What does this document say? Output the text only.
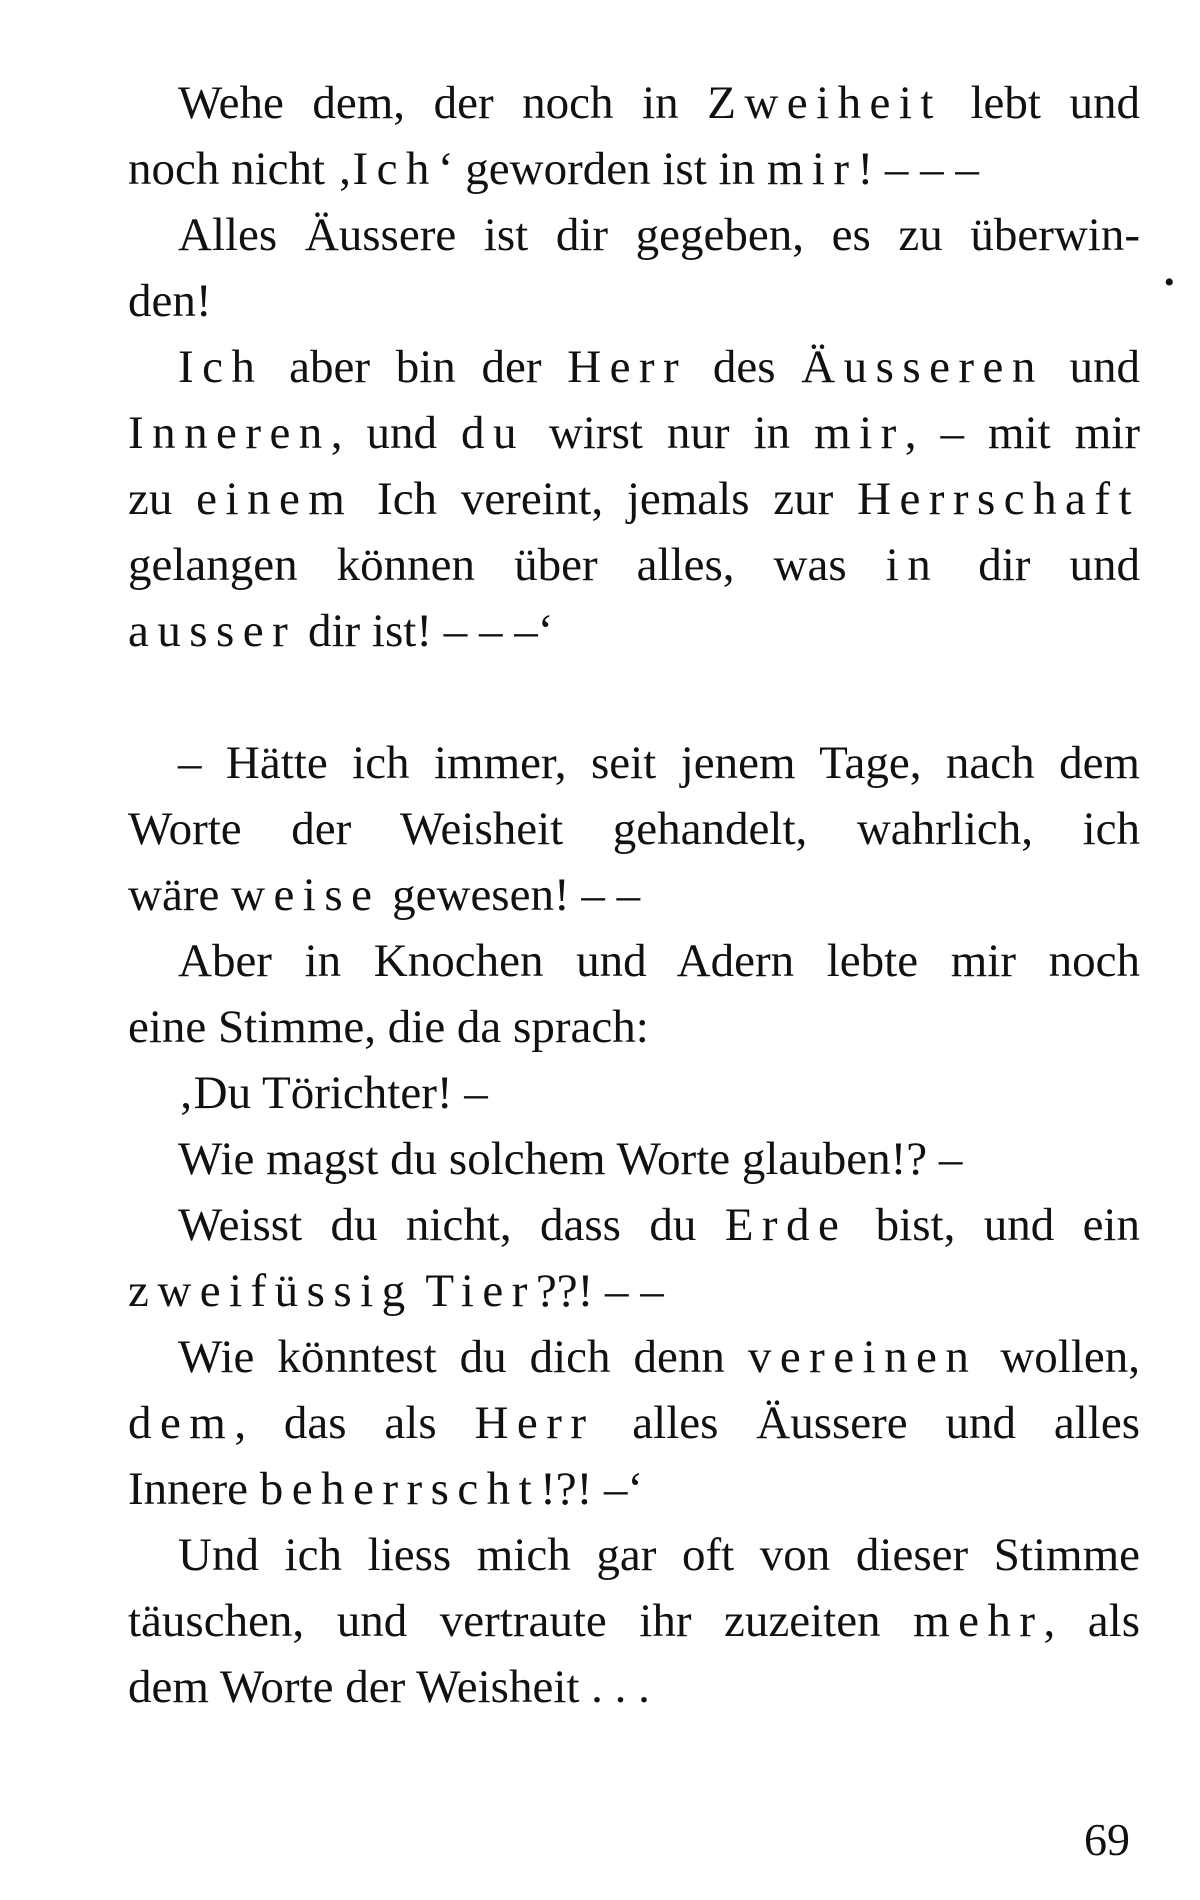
Wehe dem, der noch in Zweiheit lebt und
noch nicht ‚Ich‘ geworden ist in mir! – – –
Alles Äussere ist dir gegeben, es zu überwin-
den!
Ich aber bin der Herr des Äusseren und
Inneren, und du wirst nur in mir, – mit mir
zu einem Ich vereint, jemals zur Herrschaft
gelangen können über alles, was in dir und
ausser dir ist! – – –‘
– Hätte ich immer, seit jenem Tage, nach dem
Worte der Weisheit gehandelt, wahrlich, ich
wäre weise gewesen! – –
Aber in Knochen und Adern lebte mir noch
eine Stimme, die da sprach:
‚Du Törichter! –
Wie magst du solchem Worte glauben!? –
Weisst du nicht, dass du Erde bist, und ein
zweifüssig Tier??! – –
Wie könntest du dich denn vereinen wollen,
dem, das als Herr alles Äussere und alles
Innere beherrscht!?! –‘
Und ich liess mich gar oft von dieser Stimme
täuschen, und vertraute ihr zuzeiten mehr, als
dem Worte der Weisheit . . .
•
69
